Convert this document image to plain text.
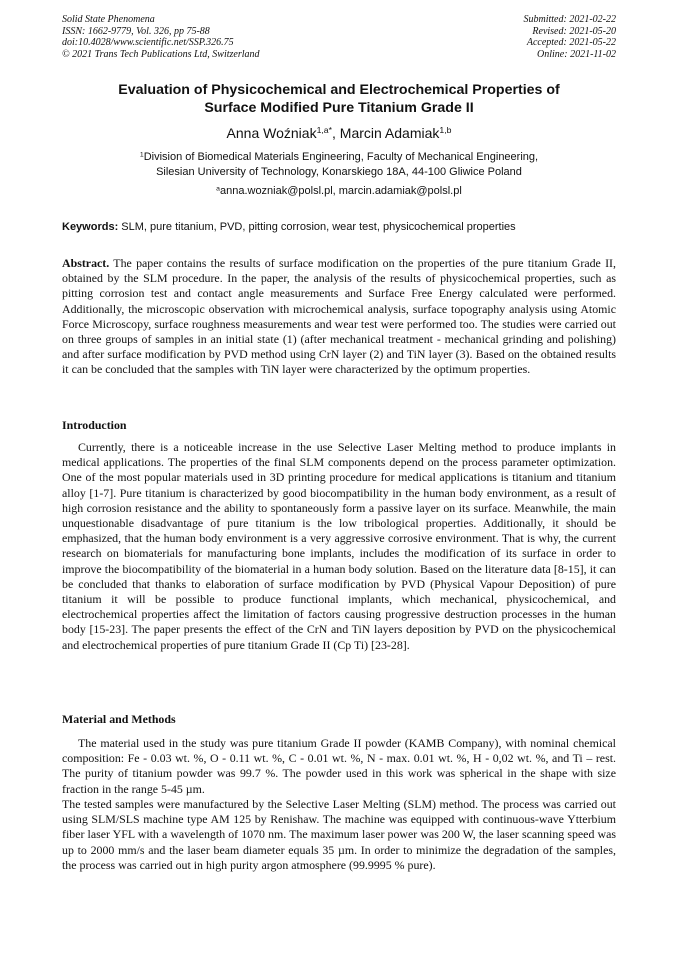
Solid State Phenomena
ISSN: 1662-9779, Vol. 326, pp 75-88
doi:10.4028/www.scientific.net/SSP.326.75
© 2021 Trans Tech Publications Ltd, Switzerland
Submitted: 2021-02-22
Revised: 2021-05-20
Accepted: 2021-05-22
Online: 2021-11-02
Evaluation of Physicochemical and Electrochemical Properties of
Surface Modified Pure Titanium Grade II
Anna Woźniak$^{1,a*}$, Marcin Adamiak$^{1,b}$
$^1$Division of Biomedical Materials Engineering, Faculty of Mechanical Engineering,
Silesian University of Technology, Konarskiego 18A, 44-100 Gliwice Poland
$^a$anna.wozniak@polsl.pl, marcin.adamiak@polsl.pl
Keywords: SLM, pure titanium, PVD, pitting corrosion, wear test, physicochemical properties

Abstract. The paper contains the results of surface modification on the properties of the pure titanium Grade II, obtained by the SLM procedure. In the paper, the analysis of the results of physicochemical properties, such as pitting corrosion test and contact angle measurements and Surface Free Energy calculated were performed. Additionally, the microscopic observation with microchemical analysis, surface topography analysis using Atomic Force Microscopy, surface roughness measurements and wear test were performed too. The studies were carried out on three groups of samples in an initial state (1) (after mechanical treatment - mechanical grinding and polishing) and after surface modification by PVD method using CrN layer (2) and TiN layer (3). Based on the obtained results it can be concluded that the samples with TiN layer were characterized by the optimum properties.

Introduction

Currently, there is a noticeable increase in the use Selective Laser Melting method to produce implants in medical applications. The properties of the final SLM components depend on the process parameter optimization. One of the most popular materials used in 3D printing procedure for medical applications is titanium and titanium alloy [1-7]. Pure titanium is characterized by good biocompatibility in the human body environment, as a result of high corrosion resistance and the ability to spontaneously form a passive layer on its surface. Meanwhile, the main unquestionable disadvantage of pure titanium is the low tribological properties. Additionally, it should be emphasized, that the human body environment is a very aggressive corrosive environment. That is why, the current research on biomaterials for manufacturing bone implants, includes the modification of its surface in order to improve the biocompatibility of the biomaterial in a human body solution. Based on the literature data [8-15], it can be concluded that thanks to elaboration of surface modification by PVD (Physical Vapour Deposition) of pure titanium it will be possible to produce functional implants, which mechanical, physicochemical, and electrochemical properties affect the limitation of factors causing progressive destruction processes in the human body [15-23]. The paper presents the effect of the CrN and TiN layers deposition by PVD on the physicochemical and electrochemical properties of pure titanium Grade II (Cp Ti) [23-28].

Material and Methods

The material used in the study was pure titanium Grade II powder (KAMB Company), with nominal chemical composition: Fe - 0.03 wt. %, O - 0.11 wt. %, C - 0.01 wt. %, N - max. 0.01 wt. %, H - 0,02 wt. %, and Ti – rest. The purity of titanium powder was 99.7 %. The powder used in this work was spherical in the shape with size fraction in the range 5-45 µm.

The tested samples were manufactured by the Selective Laser Melting (SLM) method. The process was carried out using SLM/SLS machine type AM 125 by Renishaw. The machine was equipped with continuous-wave Ytterbium fiber laser YFL with a wavelength of 1070 nm. The maximum laser power was 200 W, the laser scanning speed was up to 2000 mm/s and the laser beam diameter equals 35 µm. In order to minimize the degradation of the samples, the process was carried out in high purity argon atmosphere (99.9995 % pure).
